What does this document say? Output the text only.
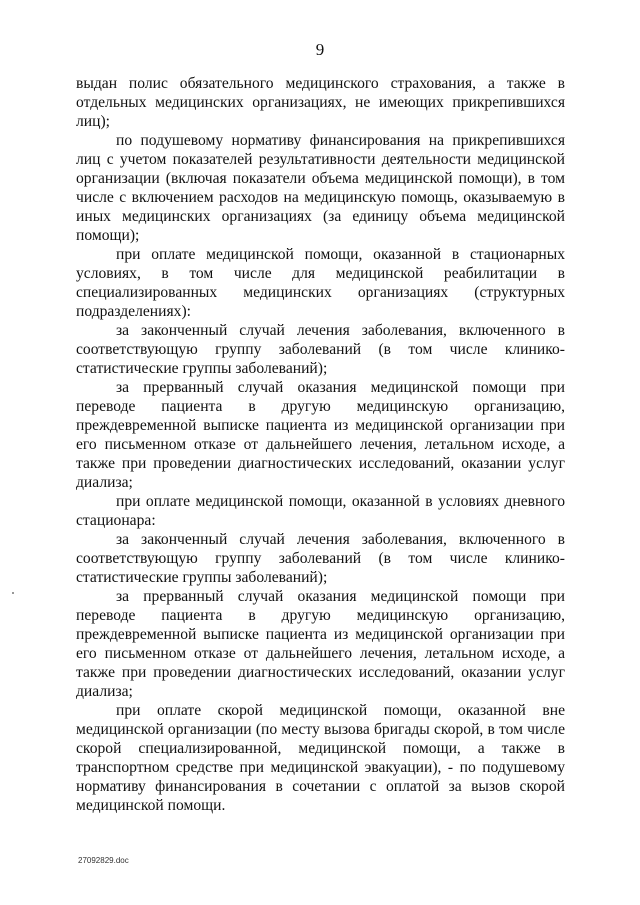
9

выдан полис обязательного медицинского страхования, а также в отдельных медицинских организациях, не имеющих прикрепившихся лиц);

по подушевому нормативу финансирования на прикрепившихся лиц с учетом показателей результативности деятельности медицинской организации (включая показатели объема медицинской помощи), в том числе с включением расходов на медицинскую помощь, оказываемую в иных медицинских организациях (за единицу объема медицинской помощи);

при оплате медицинской помощи, оказанной в стационарных условиях, в том числе для медицинской реабилитации в специализированных медицинских организациях (структурных подразделениях):

за законченный случай лечения заболевания, включенного в соответствующую группу заболеваний (в том числе клинико-статистические группы заболеваний);

за прерванный случай оказания медицинской помощи при переводе пациента в другую медицинскую организацию, преждевременной выписке пациента из медицинской организации при его письменном отказе от дальнейшего лечения, летальном исходе, а также при проведении диагностических исследований, оказании услуг диализа;

при оплате медицинской помощи, оказанной в условиях дневного стационара:

за законченный случай лечения заболевания, включенного в соответствующую группу заболеваний (в том числе клинико-статистические группы заболеваний);

за прерванный случай оказания медицинской помощи при переводе пациента в другую медицинскую организацию, преждевременной выписке пациента из медицинской организации при его письменном отказе от дальнейшего лечения, летальном исходе, а также при проведении диагностических исследований, оказании услуг диализа;

при оплате скорой медицинской помощи, оказанной вне медицинской организации (по месту вызова бригады скорой, в том числе скорой специализированной, медицинской помощи, а также в транспортном средстве при медицинской эвакуации), - по подушевому нормативу финансирования в сочетании с оплатой за вызов скорой медицинской помощи.

27092829.doc
